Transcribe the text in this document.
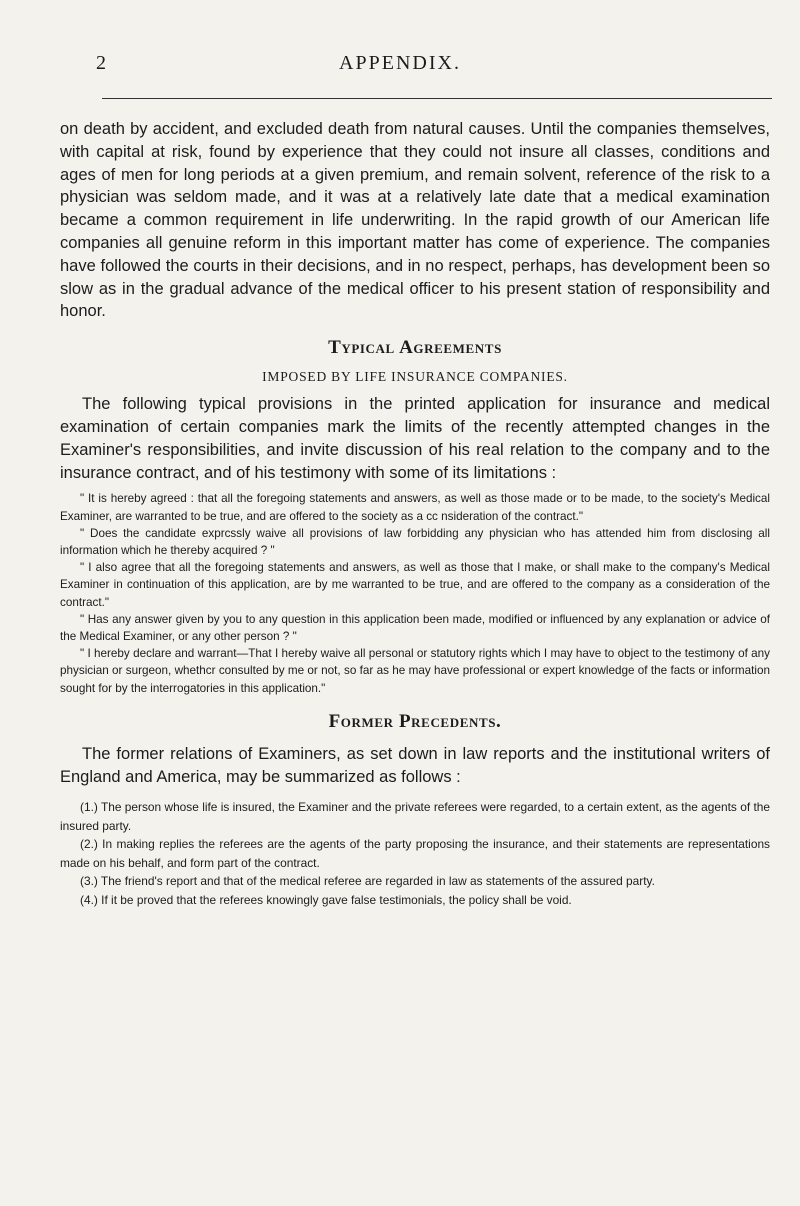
2	APPENDIX.

on death by accident, and excluded death from natural causes. Until the companies themselves, with capital at risk, found by experience that they could not insure all classes, conditions and ages of men for long periods at a given premium, and remain solvent, reference of the risk to a physician was seldom made, and it was at a relatively late date that a medical examination became a common requirement in life underwriting. In the rapid growth of our American life companies all genuine reform in this important matter has come of experience. The companies have followed the courts in their decisions, and in no respect, perhaps, has development been so slow as in the gradual advance of the medical officer to his present station of responsibility and honor.

Typical Agreements
IMPOSED BY LIFE INSURANCE COMPANIES.

The following typical provisions in the printed application for insurance and medical examination of certain companies mark the limits of the recently attempted changes in the Examiner's responsibilities, and invite discussion of his real relation to the company and to the insurance contract, and of his testimony with some of its limitations :

" It is hereby agreed : that all the foregoing statements and answers, as well as those made or to be made, to the society's Medical Examiner, are warranted to be true, and are offered to the society as a cc nsideration of the contract."

" Does the candidate exprcssly waive all provisions of law forbidding any physician who has attended him from disclosing all information which he thereby acquired ? "

" I also agree that all the foregoing statements and answers, as well as those that I make, or shall make to the company's Medical Examiner in continuation of this application, are by me warranted to be true, and are offered to the company as a consideration of the contract."

" Has any answer given by you to any question in this application been made, modified or influenced by any explanation or advice of the Medical Examiner, or any other person ? "

" I hereby declare and warrant—That I hereby waive all personal or statutory rights which I may have to object to the testimony of any physician or surgeon, whethcr consulted by me or not, so far as he may have professional or expert knowledge of the facts or information sought for by the interrogatories in this application."

Former Precedents.

The former relations of Examiners, as set down in law reports and the institutional writers of England and America, may be summarized as follows :

(1.) The person whose life is insured, the Examiner and the private referees were regarded, to a certain extent, as the agents of the insured party.

(2.) In making replies the referees are the agents of the party proposing the insurance, and their statements are representations made on his behalf, and form part of the contract.

(3.) The friend's report and that of the medical referee are regarded in law as statements of the assured party.

(4.) If it be proved that the referees knowingly gave false testimonials, the policy shall be void.
